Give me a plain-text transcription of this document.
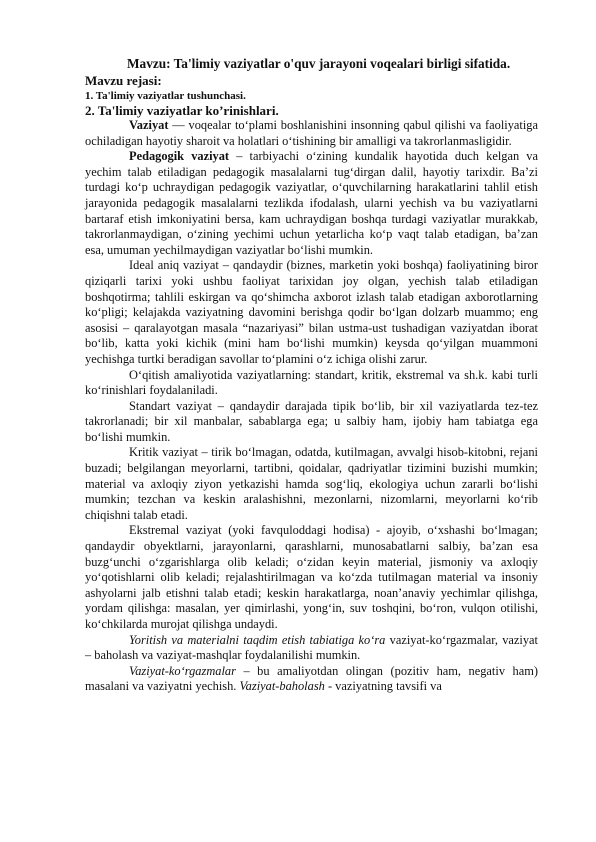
Mavzu: Ta'limiy vaziyatlar o'quv jarayoni voqealari birligi sifatida.
Mavzu rejasi:
1. Ta'limiy vaziyatlar tushunchasi.
2. Ta'limiy vaziyatlar ko’rinishlari.

Vaziyat — voqealar toʻplami boshlanishini insonning qabul qilishi va faoliyatiga ochiladigan hayotiy sharoit va holatlari oʻtishining bir amalligi va takrorlanmasligidir.

Pedagogik vaziyat – tarbiyachi oʻzining kundalik hayotida duch kelgan va yechim talab etiladigan pedagogik masalalarni tugʻdirgan dalil, hayotiy tarixdir. Baʼzi turdagi koʻp uchraydigan pedagogik vaziyatlar, oʻquvchilarning harakatlarini tahlil etish jarayonida pedagogik masalalarni tezlikda ifodalash, ularni yechish va bu vaziyatlarni bartaraf etish imkoniyatini bersa, kam uchraydigan boshqa turdagi vaziyatlar murakkab, takrorlanmaydigan, oʻzining yechimi uchun yetarlicha koʻp vaqt talab etadigan, baʼzan esa, umuman yechilmaydigan vaziyatlar boʻlishi mumkin.

Ideal aniq vaziyat – qandaydir (biznes, marketin yoki boshqa) faoliyatining biror qiziqarli tarixi yoki ushbu faoliyat tarixidan joy olgan, yechish talab etiladigan boshqotirma; tahlili eskirgan va qoʻshimcha axborot izlash talab etadigan axborotlarning koʻpligi; kelajakda vaziyatning davomini berishga qodir boʻlgan dolzarb muammo; eng asosisi – qaralayotgan masala “nazariyasi” bilan ustma-ust tushadigan vaziyatdan iborat boʻlib, katta yoki kichik (mini ham boʻlishi mumkin) keysda qoʻyilgan muammoni yechishga turtki beradigan savollar toʻplamini oʻz ichiga olishi zarur.

Oʻqitish amaliyotida vaziyatlarning: standart, kritik, ekstremal va sh.k. kabi turli koʻrinishlari foydalaniladi.

Standart vaziyat – qandaydir darajada tipik boʻlib, bir xil vaziyatlarda tez-tez takrorlanadi; bir xil manbalar, sabablarga ega; u salbiy ham, ijobiy ham tabiatga ega boʻlishi mumkin.

Kritik vaziyat – tirik boʻlmagan, odatda, kutilmagan, avvalgi hisob-kitobni, rejani buzadi; belgilangan meyorlarni, tartibni, qoidalar, qadriyatlar tizimini buzishi mumkin; material va axloqiy ziyon yetkazishi hamda sogʻliq, ekologiya uchun zararli boʻlishi mumkin; tezchan va keskin aralashishni, mezonlarni, nizomlarni, meyorlarni koʻrib chiqishni talab etadi.

Ekstremal vaziyat (yoki favquloddagi hodisa) - ajoyib, oʻxshashi boʻlmagan; qandaydir obyektlarni, jarayonlarni, qarashlarni, munosabatlarni salbiy, baʼzan esa buzgʻunchi oʻzgarishlarga olib keladi; oʻzidan keyin material, jismoniy va axloqiy yoʻqotishlarni olib keladi; rejalashtirilmagan va koʻzda tutilmagan material va insoniy ashyolarni jalb etishni talab etadi; keskin harakatlarga, noanʼanaviy yechimlar qilishga, yordam qilishga: masalan, yer qimirlashi, yongʻin, suv toshqini, boʻron, vulqon otilishi, koʻchkilarda murojat qilishga undaydi.

Yoritish va materialni taqdim etish tabiatiga koʻra vaziyat-koʻrgazmalar, vaziyat – baholash va vaziyat-mashqlar foydalanilishi mumkin.

Vaziyat-koʻrgazmalar – bu amaliyotdan olingan (pozitiv ham, negativ ham) masalani va vaziyatni yechish. Vaziyat-baholash - vaziyatning tavsifi va
